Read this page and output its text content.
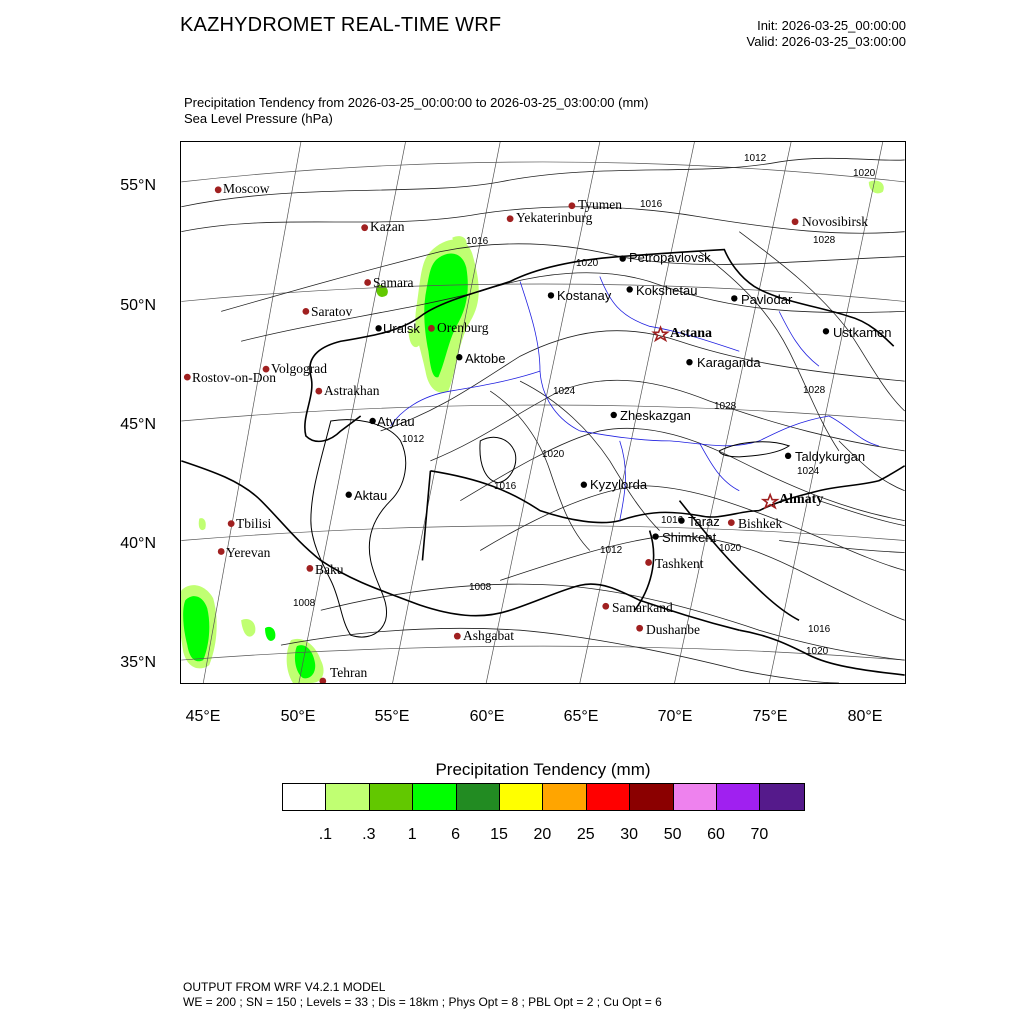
KAZHYDROMET REAL-TIME WRF	Init: 2026-03-25_00:00:00
Valid: 2026-03-25_03:00:00
Precipitation Tendency from 2026-03-25_00:00:00 to 2026-03-25_03:00:00 (mm)
Sea Level Pressure (hPa)
55°N
50°N
45°N
40°N
35°N
45°E	50°E	55°E	60°E	65°E	70°E	75°E	80°E
Petropavlovsk
Kostanay Kokshetau
Pavlodar
Uralsk
Aktobe
Ustkamen
Karaganda
Atyrau	Zheskazgan
Taldykurgan
Aktau
Kyzylorda
Taraz
Shimkent
Moscow
Kazan
Tyumen
Yekaterinburg	Novosibirsk
Samara
Saratov
Orenburg
Volgograd
Rostov-on-Don
Astrakhan
Tbilisi
Yerevan
Baku
Bishkek
Tashkent
Samarkand
Dushanbe
Ashgabat
Tehran
Astana
Almaty
1012
1020
1016
1016	1028
1020
1024
1028
1028
1012
1020
1024
1016
1016
1012	1020
1008
1008
1016
1020
Precipitation Tendency (mm)
.1	.3	1	6	15	20	25	30	50	60	70
OUTPUT FROM WRF V4.2.1 MODEL
WE = 200 ; SN = 150 ; Levels = 33 ; Dis = 18km ; Phys Opt = 8 ; PBL Opt = 2 ; Cu Opt = 6
